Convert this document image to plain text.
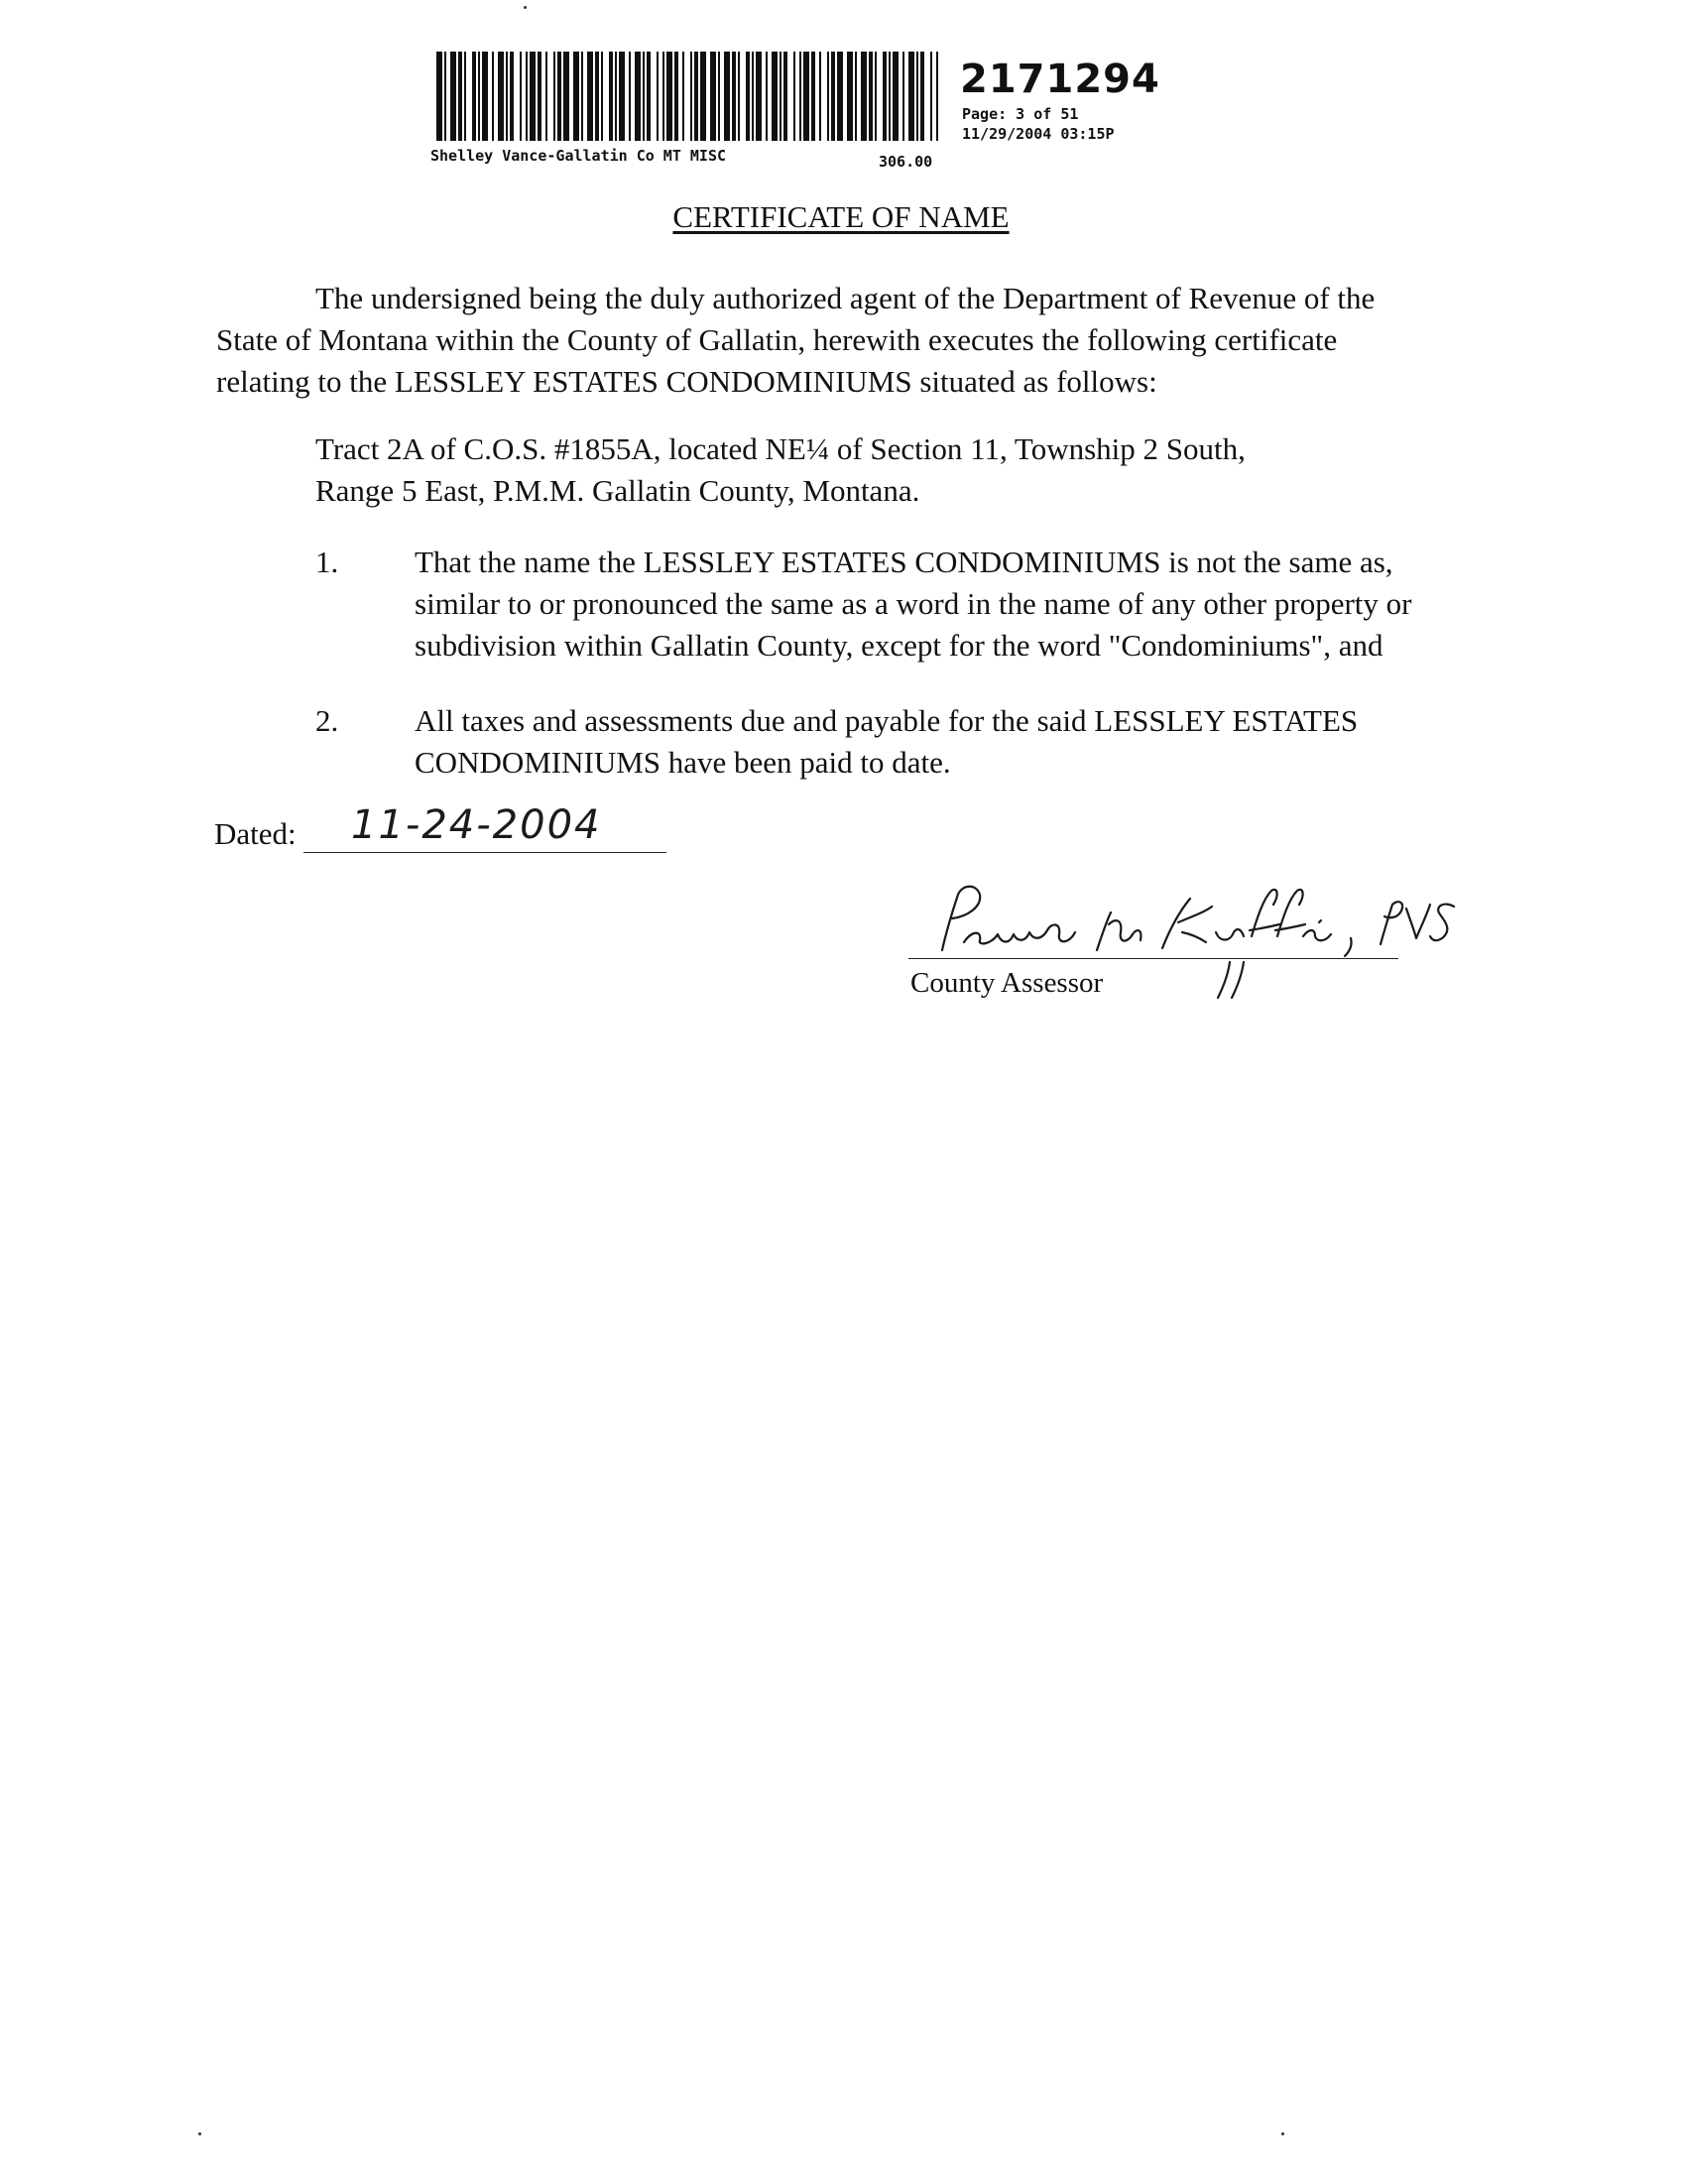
2171294
Page: 3 of 51
11/29/2004 03:15P
Shelley Vance-Gallatin Co MT MISC	306.00
CERTIFICATE OF NAME
The undersigned being the duly authorized agent of the Department of Revenue of the
State of Montana within the County of Gallatin, herewith executes the following certificate
relating to the LESSLEY ESTATES CONDOMINIUMS situated as follows:
Tract 2A of C.O.S. #1855A, located NE¼ of Section 11, Township 2 South,
Range 5 East, P.M.M. Gallatin County, Montana.
1.	That the name the LESSLEY ESTATES CONDOMINIUMS is not the same as,
similar to or pronounced the same as a word in the name of any other property or
subdivision within Gallatin County, except for the word "Condominiums", and
2.	All taxes and assessments due and payable for the said LESSLEY ESTATES
CONDOMINIUMS have been paid to date.
Dated: 11-24-2004
County Assessor
